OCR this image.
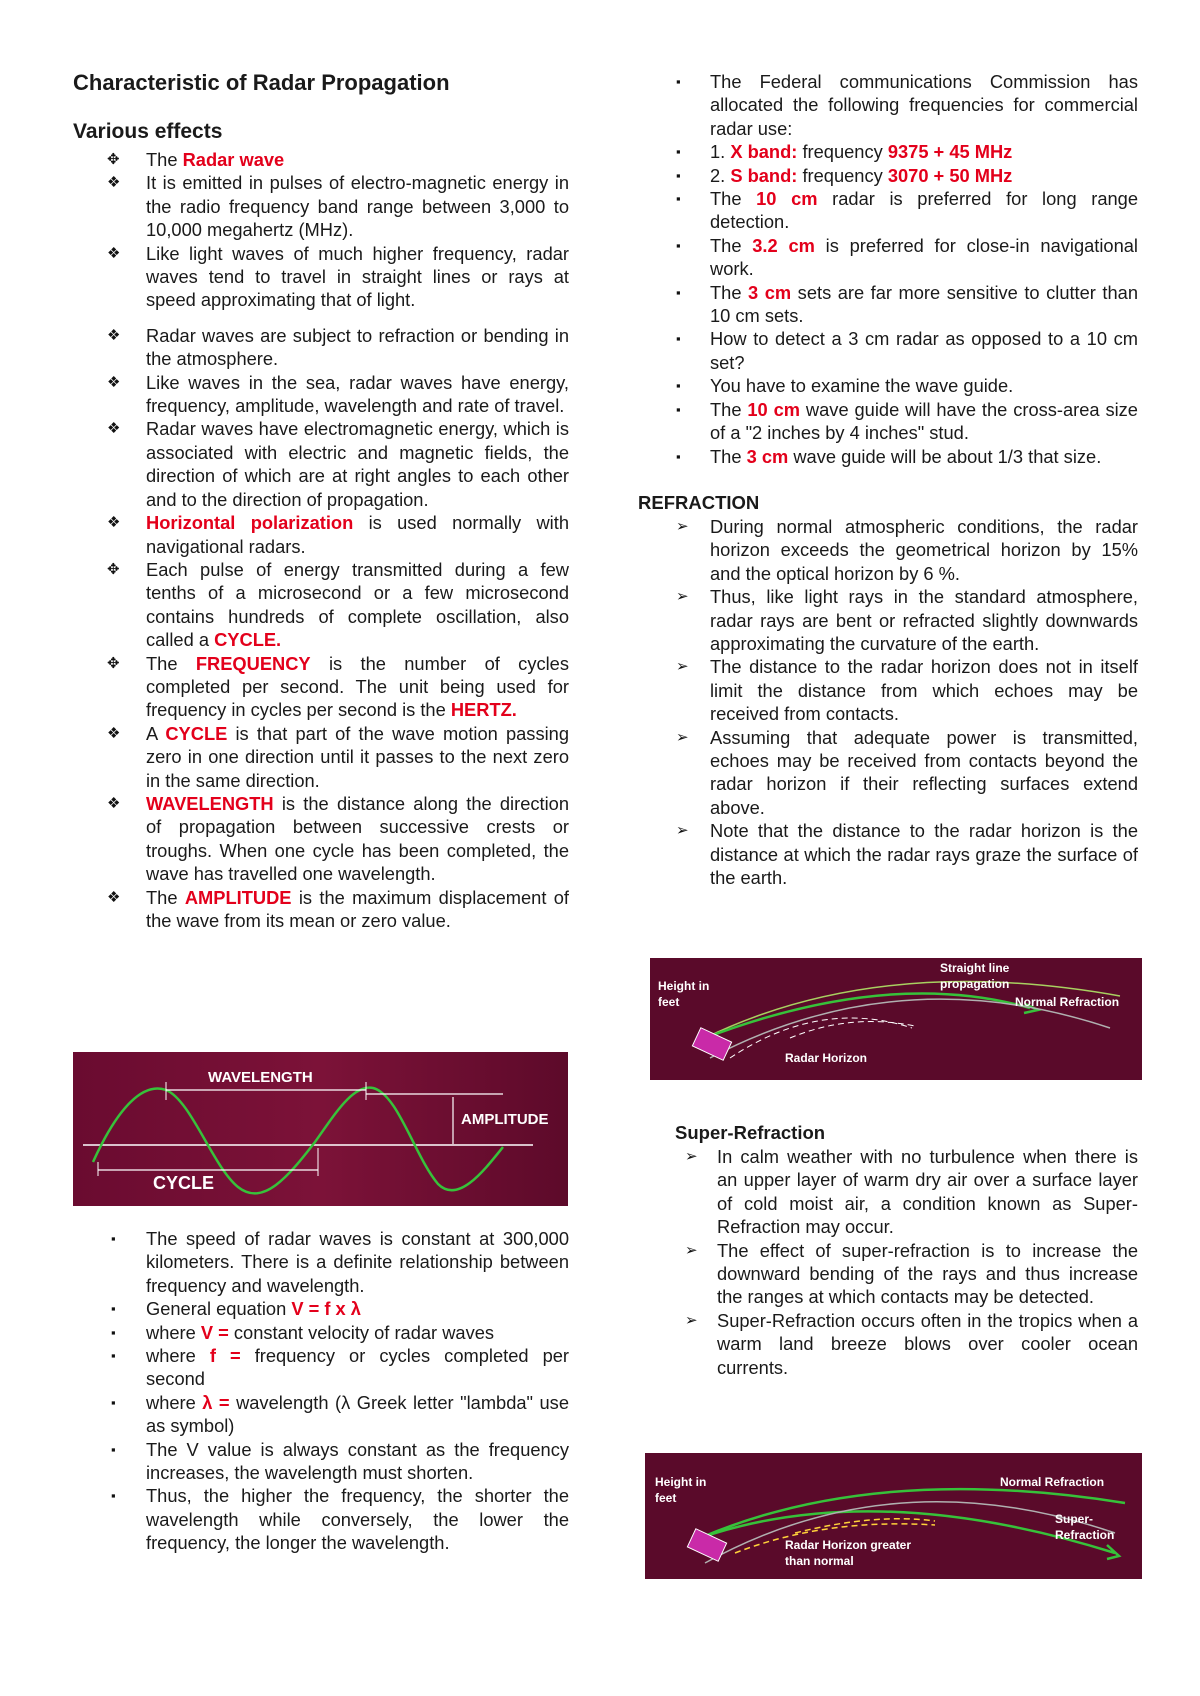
Characteristic of Radar Propagation
Various effects
✥	The Radar wave
❖	It is emitted in pulses of electro-magnetic energy in the radio frequency band range between 3,000 to 10,000 megahertz (MHz).
❖	Like light waves of much higher frequency, radar waves tend to travel in straight lines or rays at speed approximating that of light.
❖	Radar waves are subject to refraction or bending in the atmosphere.
❖	Like waves in the sea, radar waves have energy, frequency, amplitude, wavelength and rate of travel.
❖	Radar waves have electromagnetic energy, which is associated with electric and magnetic fields, the direction of which are at right angles to each other and to the direction of propagation.
❖	Horizontal polarization is used normally with navigational radars.
✥	Each pulse of energy transmitted during a few tenths of a microsecond or a few microsecond contains hundreds of complete oscillation, also called a CYCLE.
✥	The FREQUENCY is the number of cycles completed per second. The unit being used for frequency in cycles per second is the HERTZ.
❖	A CYCLE is that part of the wave motion passing zero in one direction until it passes to the next zero in the same direction.
❖	WAVELENGTH is the distance along the direction of propagation between successive crests or troughs. When one cycle has been completed, the wave has travelled one wavelength.
❖	The AMPLITUDE is the maximum displacement of the wave from its mean or zero value.
WAVELENGTH
AMPLITUDE
CYCLE
▪	The speed of radar waves is constant at 300,000 kilometers. There is a definite relationship between frequency and wavelength.
▪	General equation V = f x λ
▪	where V = constant velocity of radar waves
▪	where f = frequency or cycles completed per second
▪	where λ = wavelength (λ Greek letter "lambda" use as symbol)
▪	The V value is always constant as the frequency increases, the wavelength must shorten.
▪	Thus, the higher the frequency, the shorter the wavelength while conversely, the lower the frequency, the longer the wavelength.
▪	The Federal communications Commission has allocated the following frequencies for commercial radar use:
▪	1. X band: frequency 9375 + 45 MHz
▪	2. S band: frequency 3070 + 50 MHz
▪	The 10 cm radar is preferred for long range detection.
▪	The 3.2 cm is preferred for close-in navigational work.
▪	The 3 cm sets are far more sensitive to clutter than 10 cm sets.
▪	How to detect a 3 cm radar as opposed to a 10 cm set?
▪	You have to examine the wave guide.
▪	The 10 cm wave guide will have the cross-area size of a "2 inches by 4 inches" stud.
▪	The 3 cm wave guide will be about 1/3 that size.
REFRACTION
➢	During normal atmospheric conditions, the radar horizon exceeds the geometrical horizon by 15% and the optical horizon by 6 %.
➢	Thus, like light rays in the standard atmosphere, radar rays are bent or refracted slightly downwards approximating the curvature of the earth.
➢	The distance to the radar horizon does not in itself limit the distance from which echoes may be received from contacts.
➢	Assuming that adequate power is transmitted, echoes may be received from contacts beyond the radar horizon if their reflecting surfaces extend above.
➢	Note that the distance to the radar horizon is the distance at which the radar rays graze the surface of the earth.
Height in
feet
Straight line
propagation
Normal Refraction
Radar Horizon
Super-Refraction
➢	In calm weather with no turbulence when there is an upper layer of warm dry air over a surface layer of cold moist air, a condition known as Super-Refraction may occur.
➢	The effect of super-refraction is to increase the downward bending of the rays and thus increase the ranges at which contacts may be detected.
➢	Super-Refraction occurs often in the tropics when a warm land breeze blows over cooler ocean currents.
Height in
feet
Normal Refraction
Super-
Refraction
Radar Horizon greater
than normal
